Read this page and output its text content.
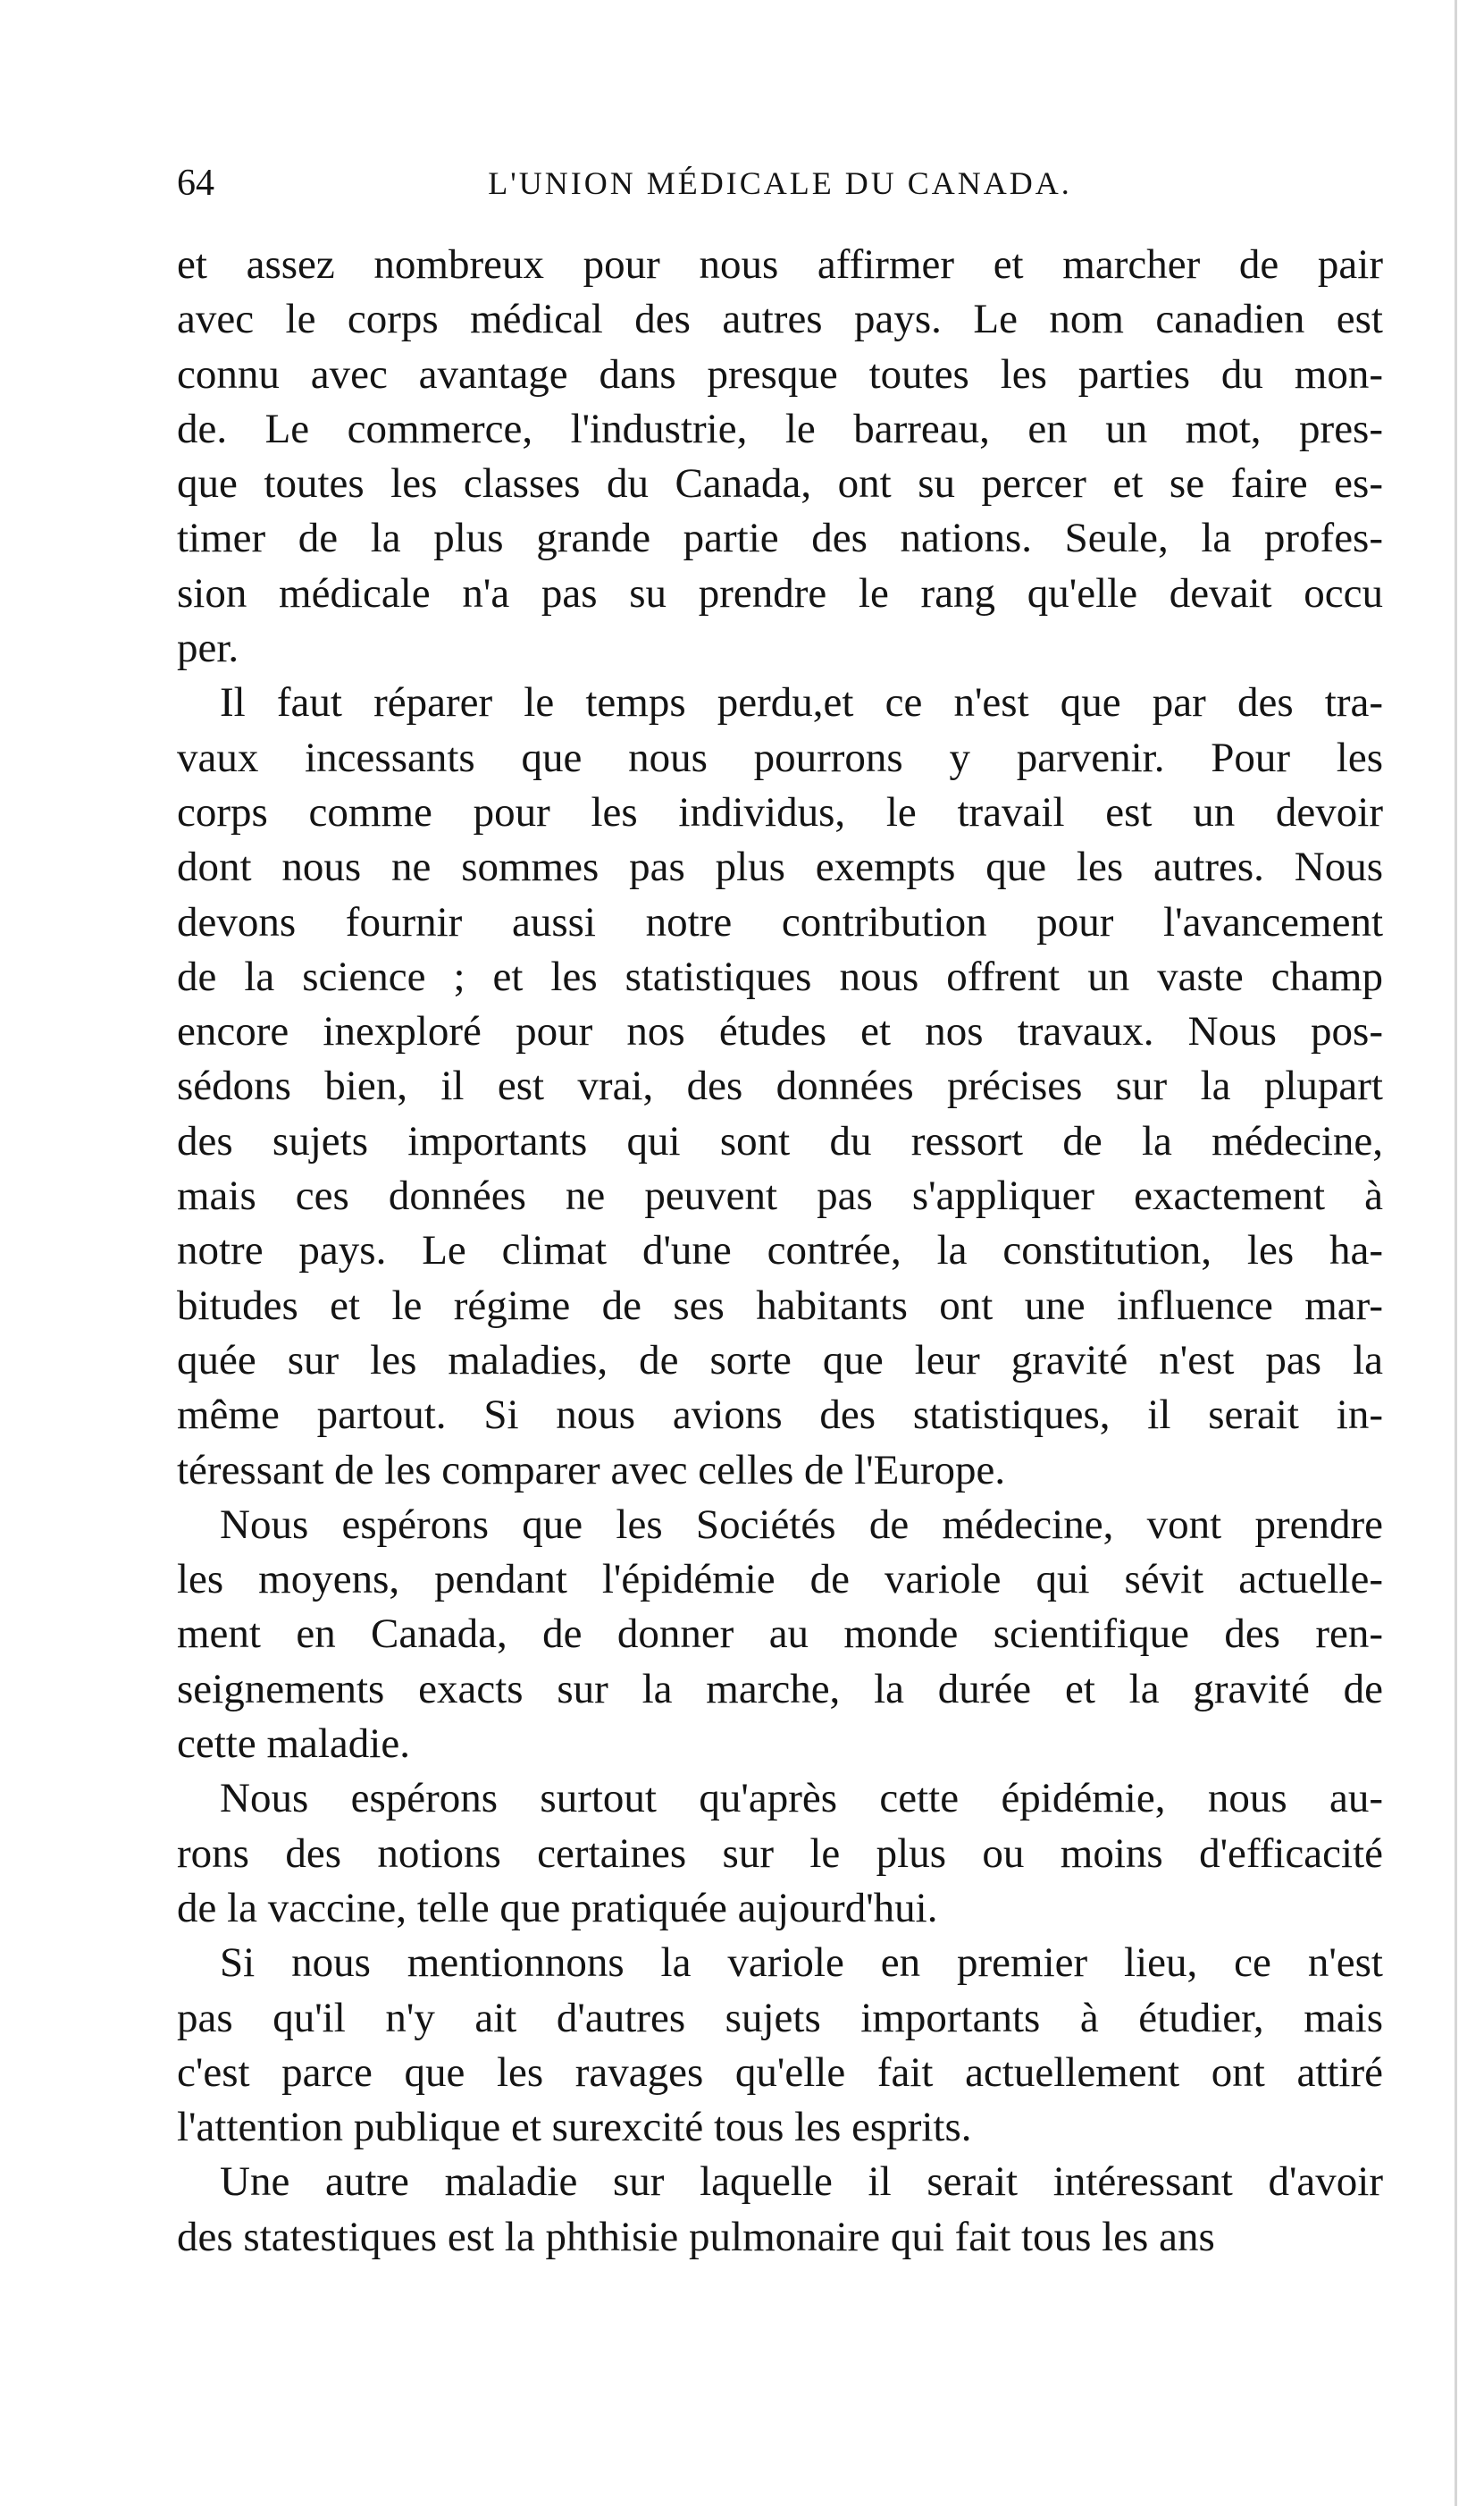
L'UNION MÉDICALE DU CANADA.
64
et assez nombreux pour nous affirmer et marcher de pair
avec le corps médical des autres pays. Le nom canadien est
connu avec avantage dans presque toutes les parties du mon-
de. Le commerce, l'industrie, le barreau, en un mot, pres-
que toutes les classes du Canada, ont su percer et se faire es-
timer de la plus grande partie des nations. Seule, la profes-
sion médicale n'a pas su prendre le rang qu'elle devait occu
per.
Il faut réparer le temps perdu,et ce n'est que par des tra-
vaux incessants que nous pourrons y parvenir. Pour les
corps comme pour les individus, le travail est un devoir
dont nous ne sommes pas plus exempts que les autres. Nous
devons fournir aussi notre contribution pour l'avancement
de la science ; et les statistiques nous offrent un vaste champ
encore inexploré pour nos études et nos travaux. Nous pos-
sédons bien, il est vrai, des données précises sur la plupart
des sujets importants qui sont du ressort de la médecine,
mais ces données ne peuvent pas s'appliquer exactement à
notre pays. Le climat d'une contrée, la constitution, les ha-
bitudes et le régime de ses habitants ont une influence mar-
quée sur les maladies, de sorte que leur gravité n'est pas la
même partout. Si nous avions des statistiques, il serait in-
téressant de les comparer avec celles de l'Europe.
Nous espérons que les Sociétés de médecine, vont prendre
les moyens, pendant l'épidémie de variole qui sévit actuelle-
ment en Canada, de donner au monde scientifique des ren-
seignements exacts sur la marche, la durée et la gravité de
cette maladie.
Nous espérons surtout qu'après cette épidémie, nous au-
rons des notions certaines sur le plus ou moins d'efficacité
de la vaccine, telle que pratiquée aujourd'hui.
Si nous mentionnons la variole en premier lieu, ce n'est
pas qu'il n'y ait d'autres sujets importants à étudier, mais
c'est parce que les ravages qu'elle fait actuellement ont attiré
l'attention publique et surexcité tous les esprits.
Une autre maladie sur laquelle il serait intéressant d'avoir
des statestiques est la phthisie pulmonaire qui fait tous les ans
